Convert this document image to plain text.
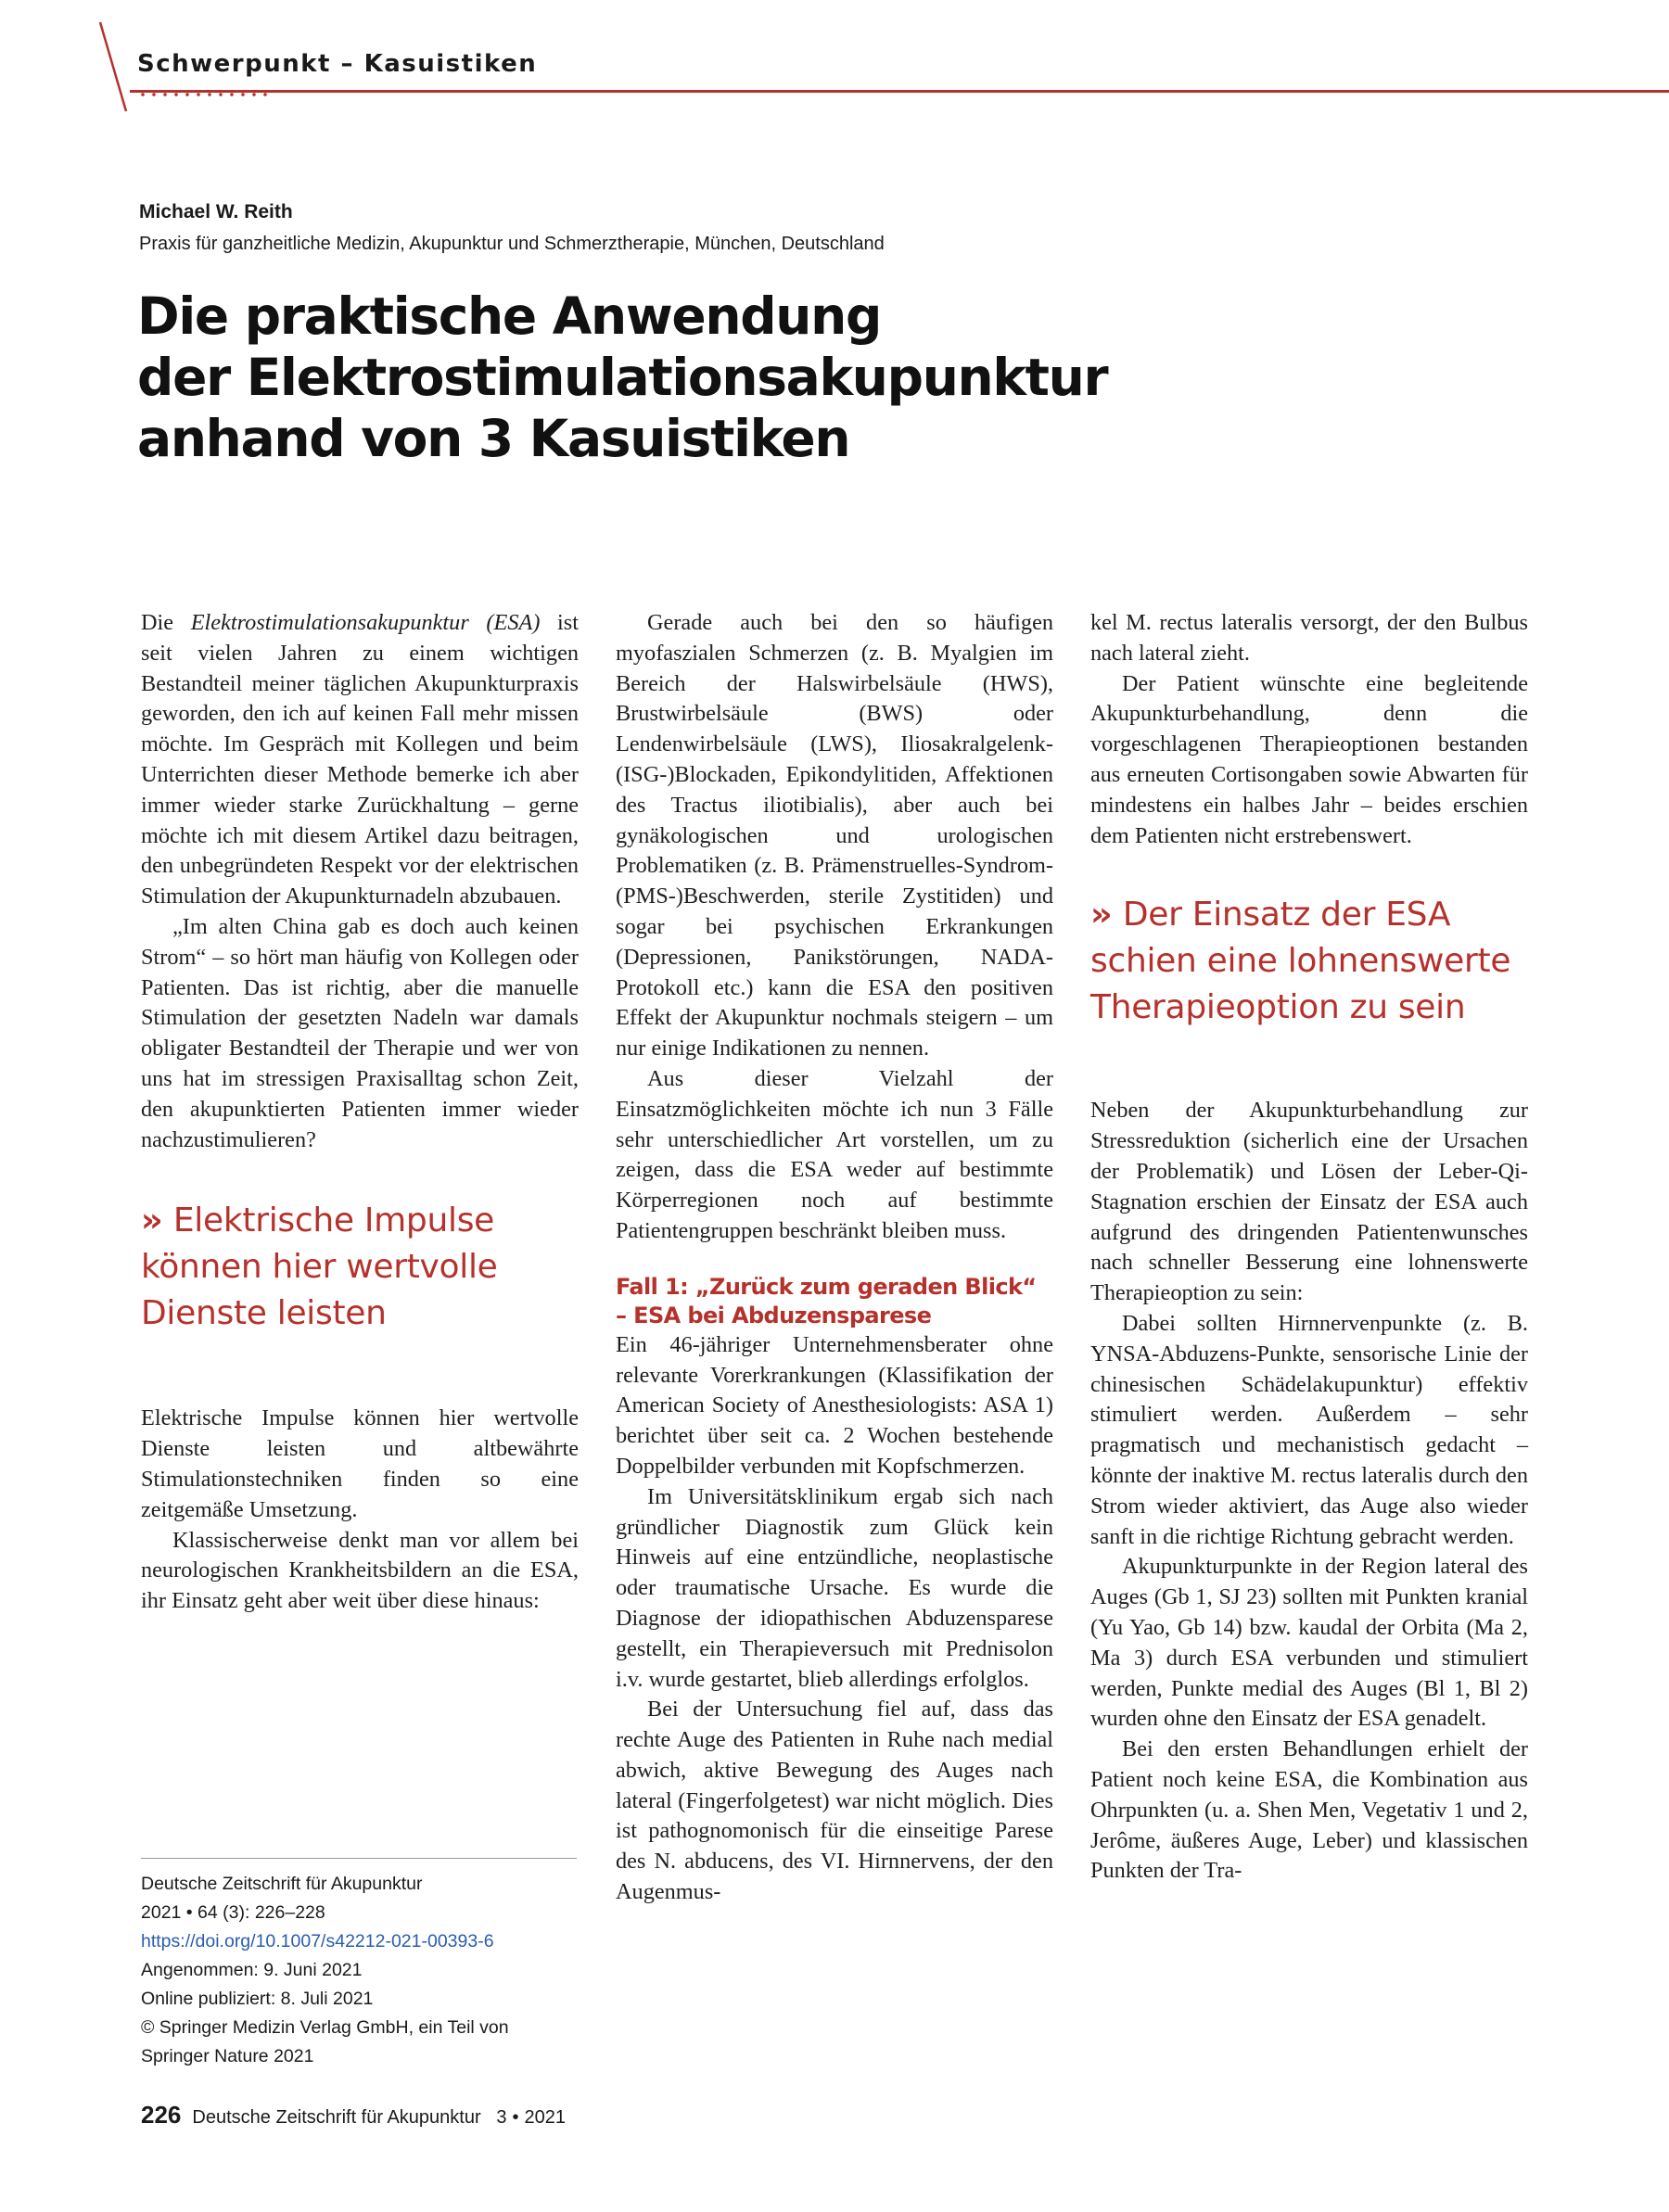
Schwerpunkt – Kasuistiken
Michael W. Reith
Praxis für ganzheitliche Medizin, Akupunktur und Schmerztherapie, München, Deutschland
Die praktische Anwendung
der Elektrostimulationsakupunktur
anhand von 3 Kasuistiken

Die Elektrostimulationsakupunktur (ESA) ist seit vielen Jahren zu einem wichtigen Bestandteil meiner täglichen Akupunkturpraxis geworden, den ich auf keinen Fall mehr missen möchte. Im Gespräch mit Kollegen und beim Unterrichten dieser Methode bemerke ich aber immer wieder starke Zurückhaltung – gerne möchte ich mit diesem Artikel dazu beitragen, den unbegründeten Respekt vor der elektrischen Stimulation der Akupunkturnadeln abzubauen.

„Im alten China gab es doch auch keinen Strom“ – so hört man häufig von Kollegen oder Patienten. Das ist richtig, aber die manuelle Stimulation der gesetzten Nadeln war damals obligater Bestandteil der Therapie und wer von uns hat im stressigen Praxisalltag schon Zeit, den akupunktierten Patienten immer wieder nachzustimulieren?

›› Elektrische Impulse können hier wertvolle Dienste leisten

Elektrische Impulse können hier wertvolle Dienste leisten und altbewährte Stimulationstechniken finden so eine zeitgemäße Umsetzung.

Klassischerweise denkt man vor allem bei neurologischen Krankheitsbildern an die ESA, ihr Einsatz geht aber weit über diese hinaus:

Gerade auch bei den so häufigen myofaszialen Schmerzen (z. B. Myalgien im Bereich der Halswirbelsäule (HWS), Brustwirbelsäule (BWS) oder Lendenwirbelsäule (LWS), Iliosakralgelenk-(ISG-)Blockaden, Epikondylitiden, Affektionen des Tractus iliotibialis), aber auch bei gynäkologischen und urologischen Problematiken (z. B. Prämenstruelles-Syndrom-(PMS-)Beschwerden, sterile Zystitiden) und sogar bei psychischen Erkrankungen (Depressionen, Panikstörungen, NADA-Protokoll etc.) kann die ESA den positiven Effekt der Akupunktur nochmals steigern – um nur einige Indikationen zu nennen.

Aus dieser Vielzahl der Einsatzmöglichkeiten möchte ich nun 3 Fälle sehr unterschiedlicher Art vorstellen, um zu zeigen, dass die ESA weder auf bestimmte Körperregionen noch auf bestimmte Patientengruppen beschränkt bleiben muss.

Fall 1: „Zurück zum geraden Blick“ – ESA bei Abduzensparese

Ein 46-jähriger Unternehmensberater ohne relevante Vorerkrankungen (Klassifikation der American Society of Anesthesiologists: ASA 1) berichtet über seit ca. 2 Wochen bestehende Doppelbilder verbunden mit Kopfschmerzen.

Im Universitätsklinikum ergab sich nach gründlicher Diagnostik zum Glück kein Hinweis auf eine entzündliche, neoplastische oder traumatische Ursache. Es wurde die Diagnose der idiopathischen Abduzensparese gestellt, ein Therapieversuch mit Prednisolon i.v. wurde gestartet, blieb allerdings erfolglos.

Bei der Untersuchung fiel auf, dass das rechte Auge des Patienten in Ruhe nach medial abwich, aktive Bewegung des Auges nach lateral (Fingerfolgetest) war nicht möglich. Dies ist pathognomonisch für die einseitige Parese des N. abducens, des VI. Hirnnervens, der den Augenmus-

kel M. rectus lateralis versorgt, der den Bulbus nach lateral zieht.

Der Patient wünschte eine begleitende Akupunkturbehandlung, denn die vorgeschlagenen Therapieoptionen bestanden aus erneuten Cortisongaben sowie Abwarten für mindestens ein halbes Jahr – beides erschien dem Patienten nicht erstrebenswert.

›› Der Einsatz der ESA schien eine lohnenswerte Therapieoption zu sein

Neben der Akupunkturbehandlung zur Stressreduktion (sicherlich eine der Ursachen der Problematik) und Lösen der Leber-Qi-Stagnation erschien der Einsatz der ESA auch aufgrund des dringenden Patientenwunsches nach schneller Besserung eine lohnenswerte Therapieoption zu sein:

Dabei sollten Hirnnervenpunkte (z. B. YNSA-Abduzens-Punkte, sensorische Linie der chinesischen Schädelakupunktur) effektiv stimuliert werden. Außerdem – sehr pragmatisch und mechanistisch gedacht – könnte der inaktive M. rectus lateralis durch den Strom wieder aktiviert, das Auge also wieder sanft in die richtige Richtung gebracht werden.

Akupunkturpunkte in der Region lateral des Auges (Gb 1, SJ 23) sollten mit Punkten kranial (Yu Yao, Gb 14) bzw. kaudal der Orbita (Ma 2, Ma 3) durch ESA verbunden und stimuliert werden, Punkte medial des Auges (Bl 1, Bl 2) wurden ohne den Einsatz der ESA genadelt.

Bei den ersten Behandlungen erhielt der Patient noch keine ESA, die Kombination aus Ohrpunkten (u. a. Shen Men, Vegetativ 1 und 2, Jerôme, äußeres Auge, Leber) und klassischen Punkten der Tra-

Deutsche Zeitschrift für Akupunktur
2021 • 64 (3): 226–228
https://doi.org/10.1007/s42212-021-00393-6
Angenommen: 9. Juni 2021
Online publiziert: 8. Juli 2021
© Springer Medizin Verlag GmbH, ein Teil von
Springer Nature 2021
226 Deutsche Zeitschrift für Akupunktur 3 • 2021
